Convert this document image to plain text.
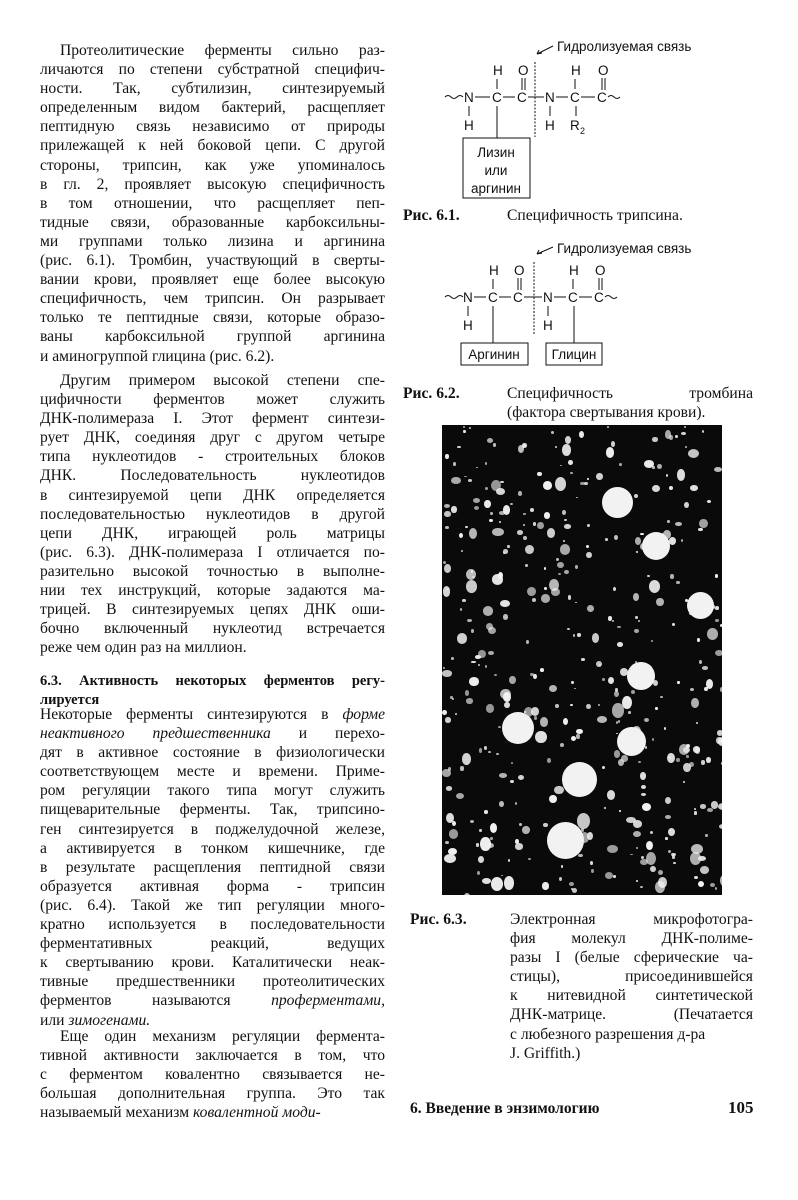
Протеолитические ферменты сильно раз-
личаются по степени субстратной специфич-
ности. Так, субтилизин, синтезируемый
определенным видом бактерий, расщепляет
пептидную связь независимо от природы
прилежащей к ней боковой цепи. С другой
стороны, трипсин, как уже упоминалось
в гл. 2, проявляет высокую специфичность
в том отношении, что расщепляет пеп-
тидные связи, образованные карбоксильны-
ми группами только лизина и аргинина
(рис. 6.1). Тромбин, участвующий в сверты-
вании крови, проявляет еще более высокую
специфичность, чем трипсин. Он разрывает
только те пептидные связи, которые образо-
ваны карбоксильной группой аргинина
и аминогруппой глицина (рис. 6.2).
Другим примером высокой степени спе-
цифичности ферментов может служить
ДНК-полимераза I. Этот фермент синтези-
рует ДНК, соединяя друг с другом четыре
типа нуклеотидов - строительных блоков
ДНК. Последовательность нуклеотидов
в синтезируемой цепи ДНК определяется
последовательностью нуклеотидов в другой
цепи ДНК, играющей роль матрицы
(рис. 6.3). ДНК-полимераза I отличается по-
разительно высокой точностью в выполне-
нии тех инструкций, которые задаются ма-
трицей. В синтезируемых цепях ДНК оши-
бочно включенный нуклеотид встречается
реже чем один раз на миллион.
6.3. Активность некоторых ферментов регу-
лируется
Некоторые ферменты синтезируются в форме
неактивного предшественника и перехо-
дят в активное состояние в физиологически
соответствующем месте и времени. Приме-
ром регуляции такого типа могут служить
пищеварительные ферменты. Так, трипсино-
ген синтезируется в поджелудочной железе,
а активируется в тонком кишечнике, где
в результате расщепления пептидной связи
образуется активная форма - трипсин
(рис. 6.4). Такой же тип регуляции много-
кратно используется в последовательности
ферментативных реакций, ведущих
к свертыванию крови. Каталитически неак-
тивные предшественники протеолитических
ферментов называются проферментами,
или зимогенами.
Еще один механизм регуляции фермента-
тивной активности заключается в том, что
с ферментом ковалентно связывается не-
большая дополнительная группа. Это так
называемый механизм ковалентной моди-
Гидролизуемая связь
H O	H O
N C C N C C
H	H R 2
Лизин
или
аргинин
Гидролизуемая связь
H O	H O
N C C N C C
H	H
Аргинин Глицин
Рис. 6.1.	Специфичность трипсина.
Рис. 6.2.	Специфичность тромбина
(фактора свертывания крови).
Рис. 6.3.	Электронная микрофотогра-
фия молекул ДНК-полиме-
разы I (белые сферические ча-
стицы), присоединившейся
к нитевидной синтетической
ДНК-матрице. (Печатается
с любезного разрешения д-ра
J. Griffith.)
6. Введение в энзимологию	105
